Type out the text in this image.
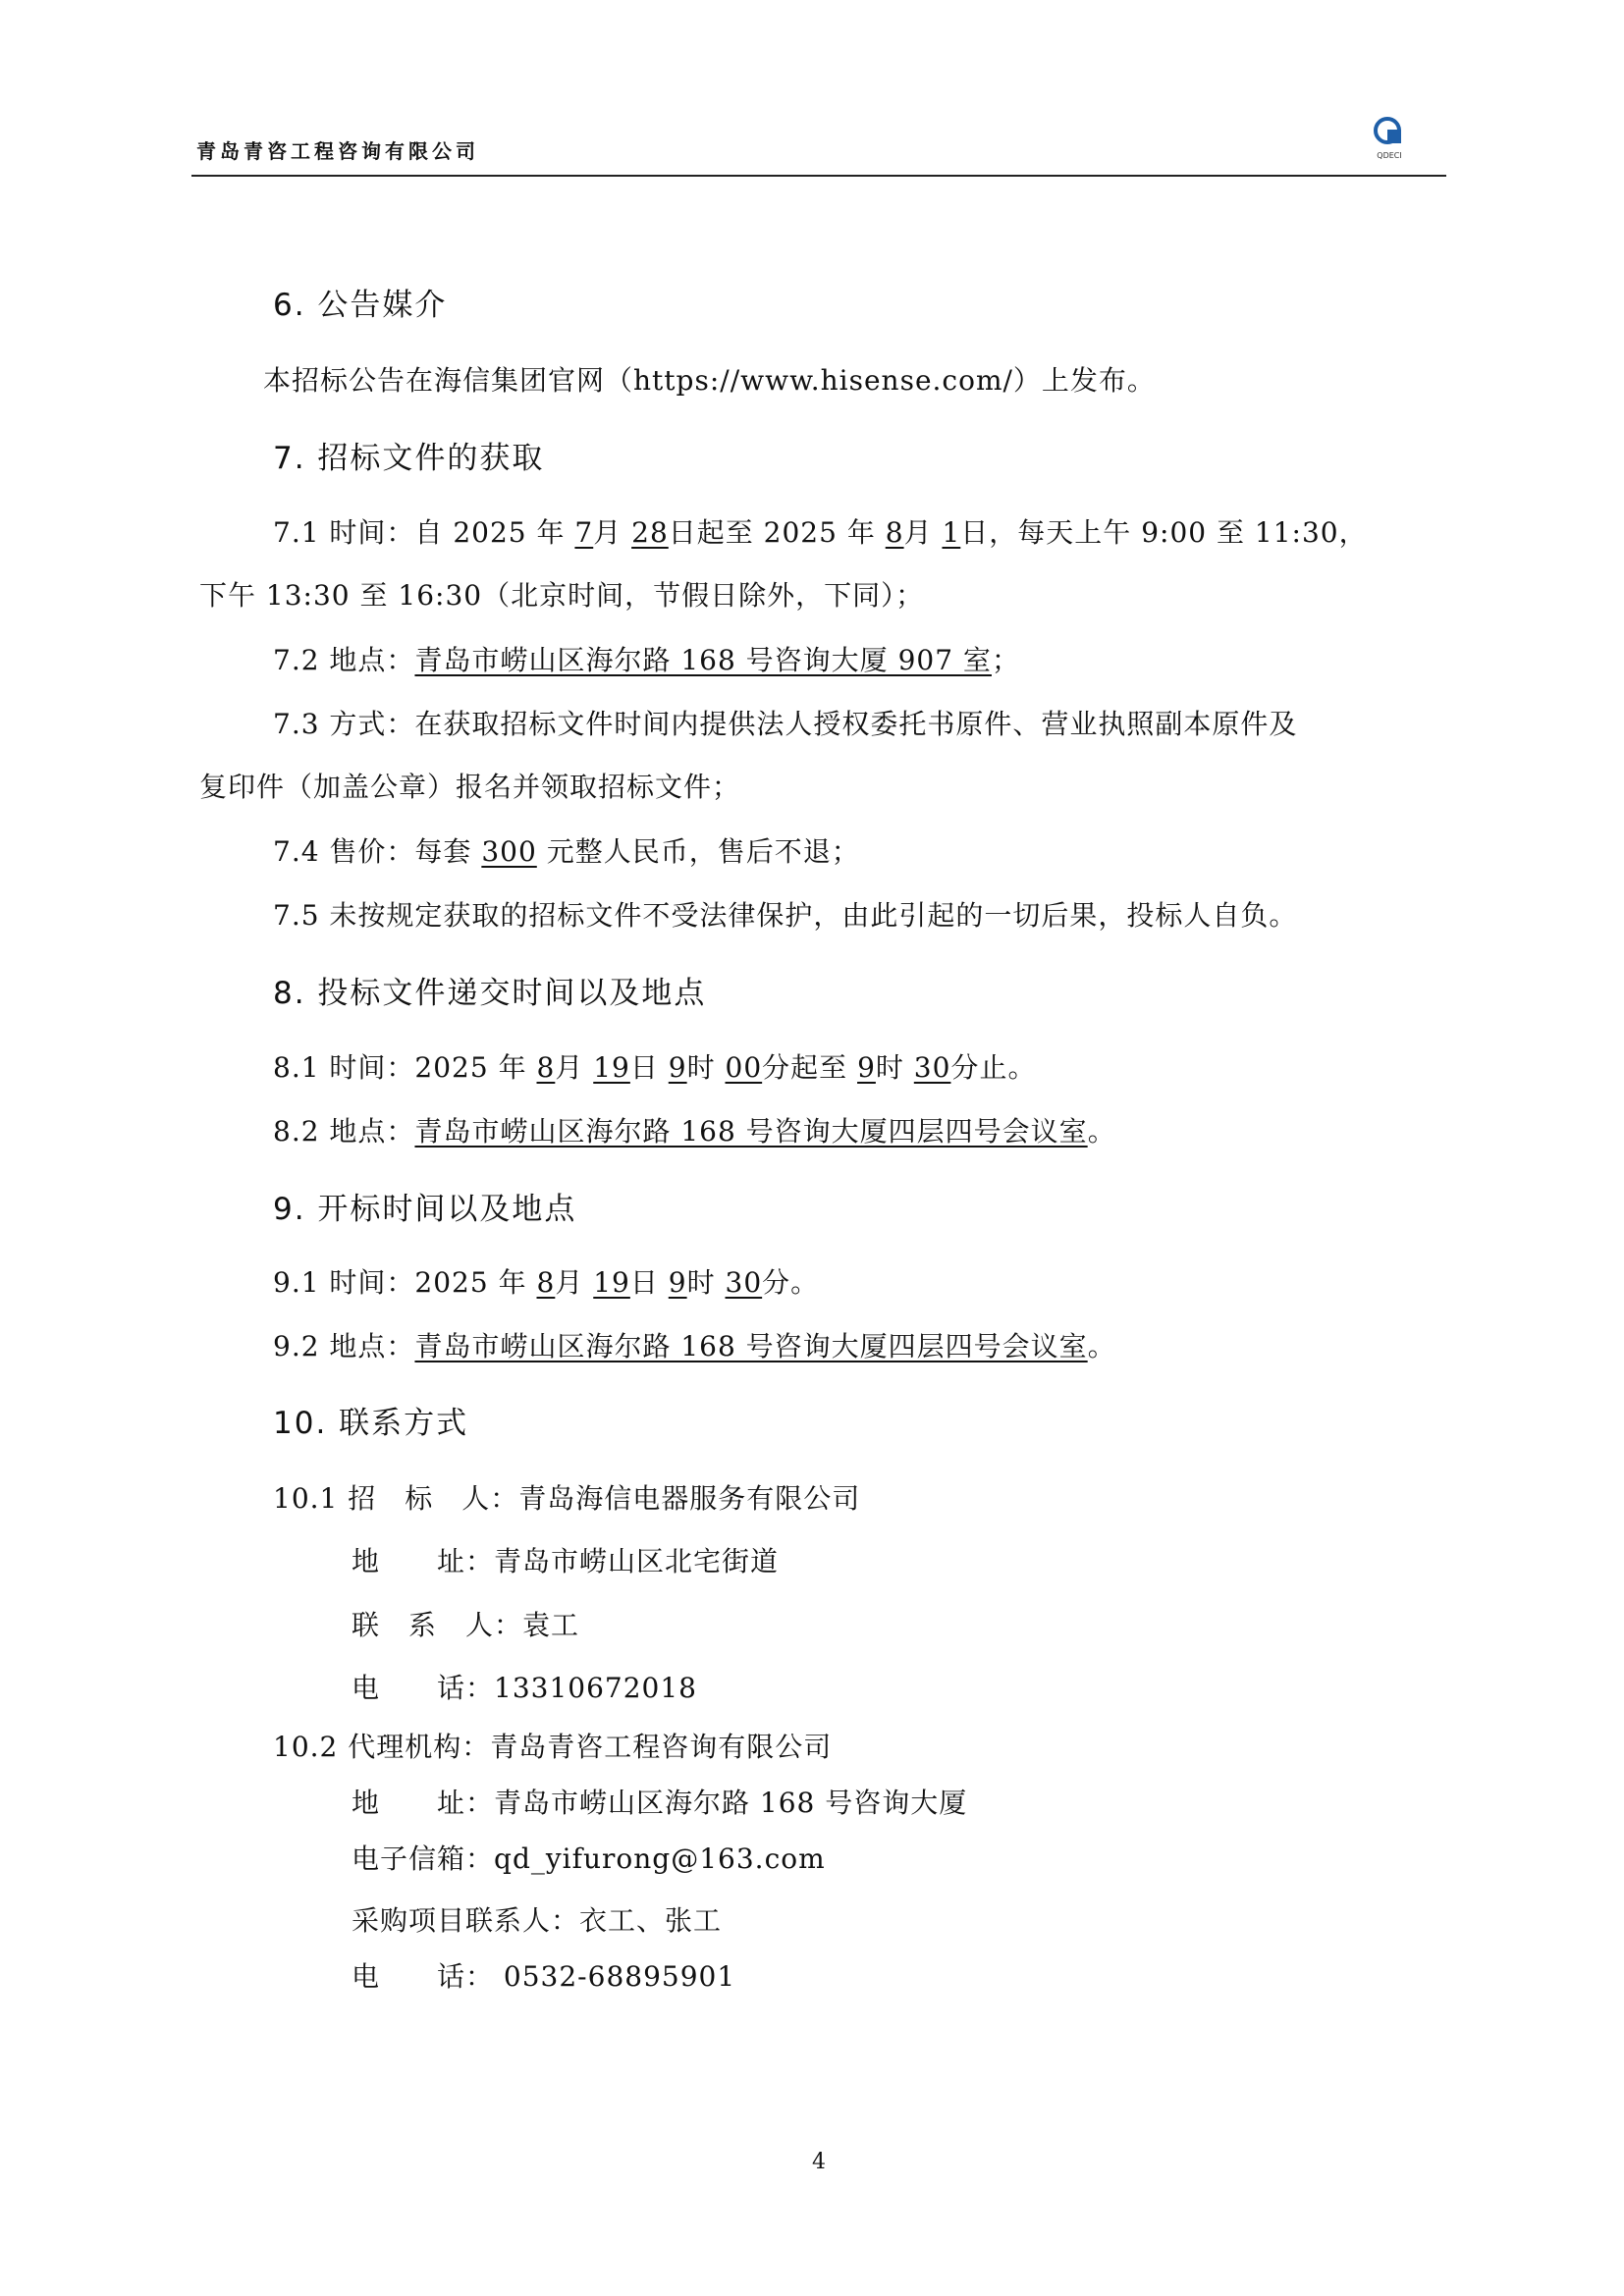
青岛青咨工程咨询有限公司	QDECI
6. 公告媒介
本招标公告在海信集团官网（https://www.hisense.com/）上发布。
7. 招标文件的获取
7.1 时间：自 2025 年 7月 28日起至 2025 年 8月 1日，每天上午 9:00 至 11:30，
下午 13:30 至 16:30（北京时间，节假日除外，下同）；
7.2 地点：青岛市崂山区海尔路 168 号咨询大厦 907 室；
7.3 方式：在获取招标文件时间内提供法人授权委托书原件、营业执照副本原件及
复印件（加盖公章）报名并领取招标文件；
7.4 售价：每套 300 元整人民币，售后不退；
7.5 未按规定获取的招标文件不受法律保护，由此引起的一切后果，投标人自负。
8. 投标文件递交时间以及地点
8.1 时间：2025 年 8月 19日 9时 00分起至 9时 30分止。
8.2 地点：青岛市崂山区海尔路 168 号咨询大厦四层四号会议室。
9. 开标时间以及地点
9.1 时间：2025 年 8月 19日 9时 30分。
9.2 地点：青岛市崂山区海尔路 168 号咨询大厦四层四号会议室。
10. 联系方式
10.1 招　标　人：青岛海信电器服务有限公司
地　　址：青岛市崂山区北宅街道
联　系　人：袁工
电　　话：13310672018
10.2 代理机构：青岛青咨工程咨询有限公司
地　　址：青岛市崂山区海尔路 168 号咨询大厦
电子信箱：qd_yifurong@163.com
采购项目联系人：衣工、张工
电　　话： 0532-68895901
4
